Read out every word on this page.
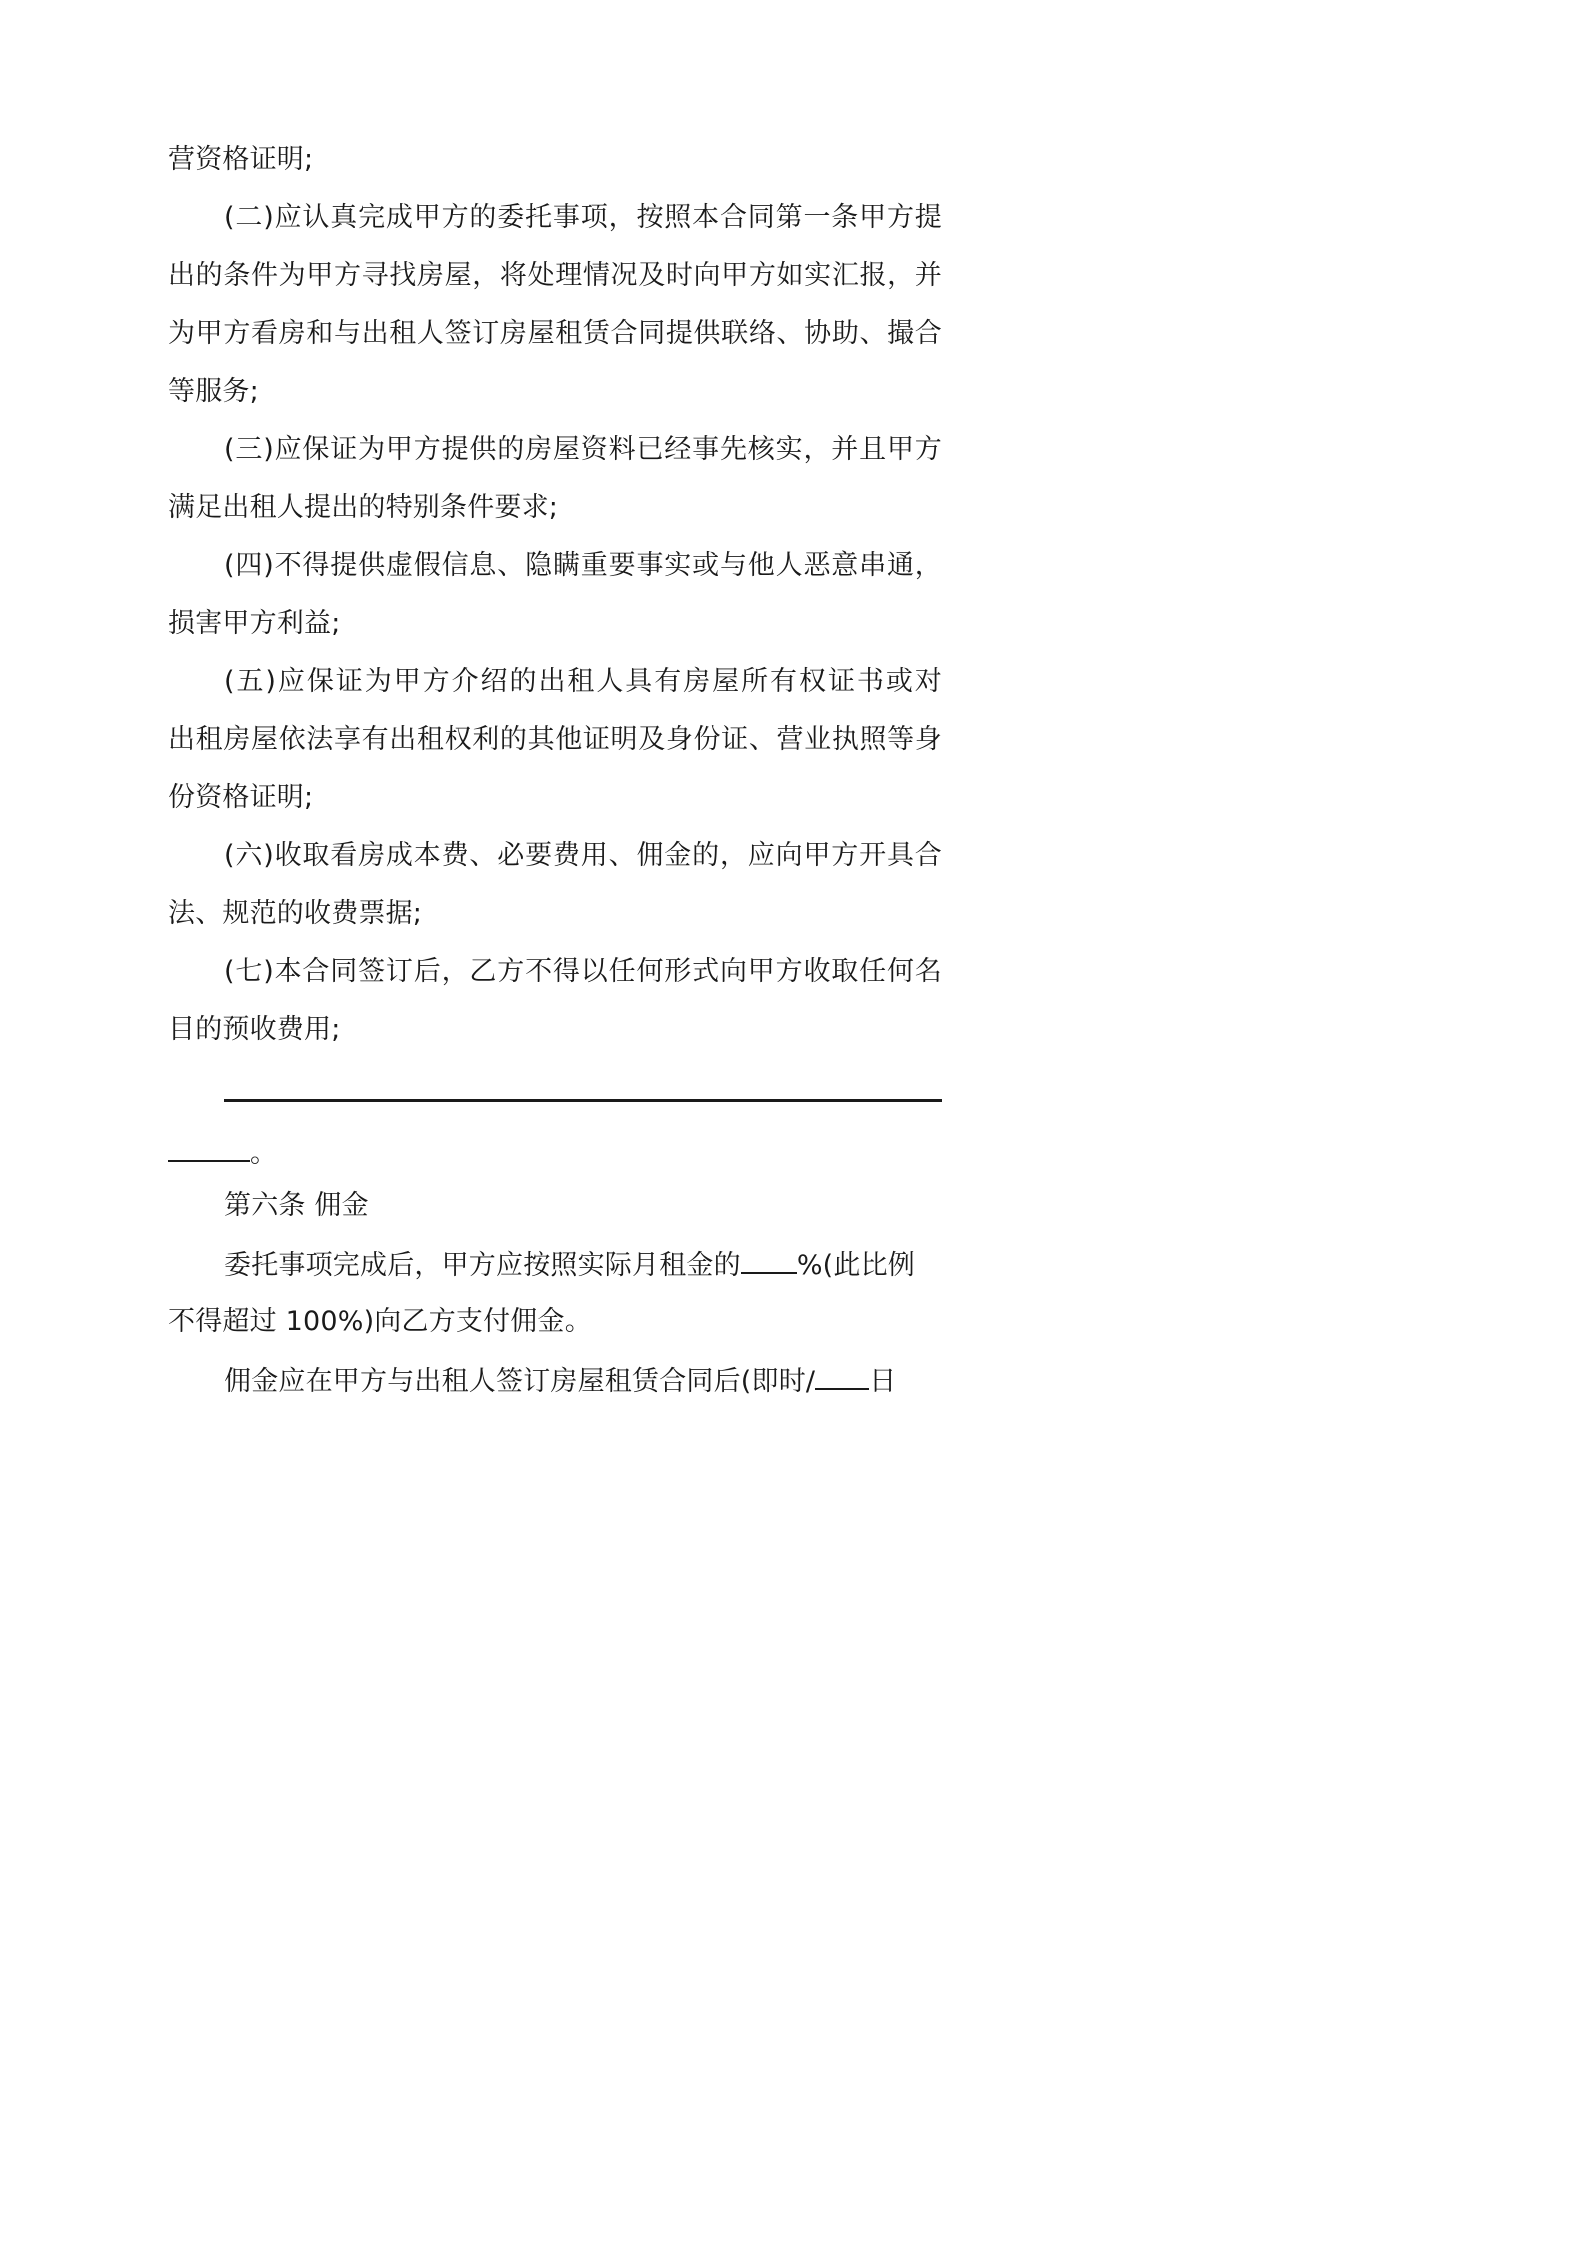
营资格证明;
(二)应认真完成甲方的委托事项，按照本合同第一条甲方提
出的条件为甲方寻找房屋，将处理情况及时向甲方如实汇报，并
为甲方看房和与出租人签订房屋租赁合同提供联络、协助、撮合
等服务;
(三)应保证为甲方提供的房屋资料已经事先核实，并且甲方
满足出租人提出的特别条件要求;
(四)不得提供虚假信息、隐瞒重要事实或与他人恶意串通，
损害甲方利益;
(五)应保证为甲方介绍的出租人具有房屋所有权证书或对
出租房屋依法享有出租权利的其他证明及身份证、营业执照等身
份资格证明;
(六)收取看房成本费、必要费用、佣金的，应向甲方开具合
法、规范的收费票据;
(七)本合同签订后，乙方不得以任何形式向甲方收取任何名
目的预收费用;
。
第六条 佣金
委托事项完成后，甲方应按照实际月租金的 %(此比例
不得超过 100%)向乙方支付佣金。
佣金应在甲方与出租人签订房屋租赁合同后(即时/ 日
